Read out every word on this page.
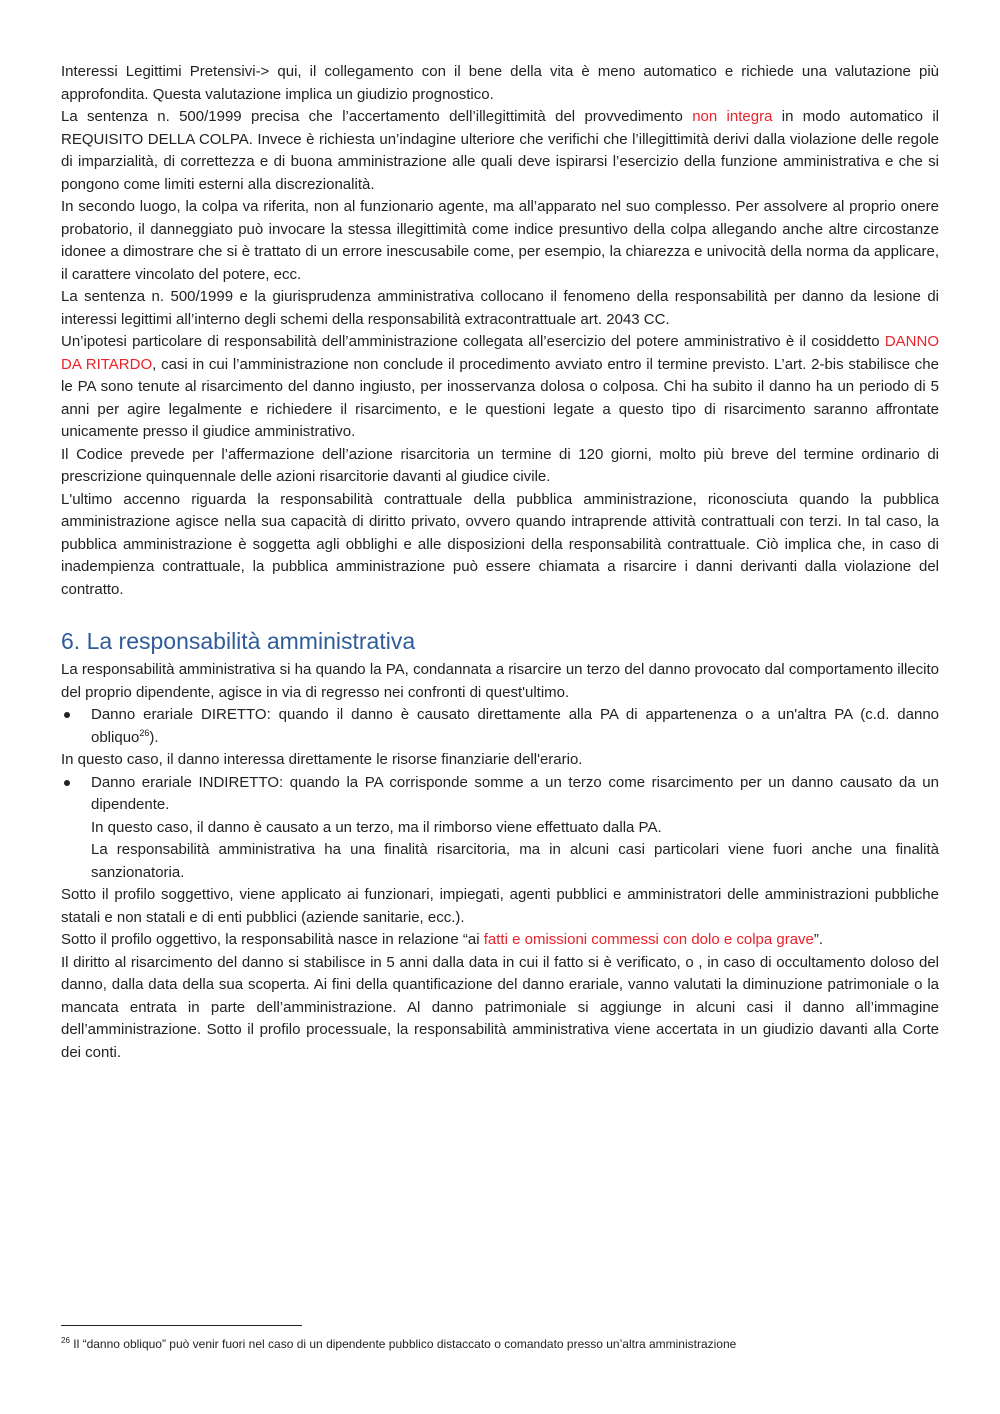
Interessi Legittimi Pretensivi-> qui, il collegamento con il bene della vita è meno automatico e richiede una valutazione più approfondita. Questa valutazione implica un giudizio prognostico.

La sentenza n. 500/1999 precisa che l’accertamento dell’illegittimità del provvedimento non integra in modo automatico il REQUISITO DELLA COLPA. Invece è richiesta un’indagine ulteriore che verifichi che l’illegittimità derivi dalla violazione delle regole di imparzialità, di correttezza e di buona amministrazione alle quali deve ispirarsi l’esercizio della funzione amministrativa e che si pongono come limiti esterni alla discrezionalità.

In secondo luogo, la colpa va riferita, non al funzionario agente, ma all’apparato nel suo complesso. Per assolvere al proprio onere probatorio, il danneggiato può invocare la stessa illegittimità come indice presuntivo della colpa allegando anche altre circostanze idonee a dimostrare che si è trattato di un errore inescusabile come, per esempio, la chiarezza e univocità della norma da applicare, il carattere vincolato del potere, ecc.

La sentenza n. 500/1999 e la giurisprudenza amministrativa collocano il fenomeno della responsabilità per danno da lesione di interessi legittimi all’interno degli schemi della responsabilità extracontrattuale art. 2043 CC.

Un’ipotesi particolare di responsabilità dell’amministrazione collegata all’esercizio del potere amministrativo è il cosiddetto DANNO DA RITARDO, casi in cui l’amministrazione non conclude il procedimento avviato entro il termine previsto. L’art. 2-bis stabilisce che le PA sono tenute al risarcimento del danno ingiusto, per inosservanza dolosa o colposa. Chi ha subito il danno ha un periodo di 5 anni per agire legalmente e richiedere il risarcimento, e le questioni legate a questo tipo di risarcimento saranno affrontate unicamente presso il giudice amministrativo.

Il Codice prevede per l’affermazione dell’azione risarcitoria un termine di 120 giorni, molto più breve del termine ordinario di prescrizione quinquennale delle azioni risarcitorie davanti al giudice civile.

L'ultimo accenno riguarda la responsabilità contrattuale della pubblica amministrazione, riconosciuta quando la pubblica amministrazione agisce nella sua capacità di diritto privato, ovvero quando intraprende attività contrattuali con terzi. In tal caso, la pubblica amministrazione è soggetta agli obblighi e alle disposizioni della responsabilità contrattuale. Ciò implica che, in caso di inadempienza contrattuale, la pubblica amministrazione può essere chiamata a risarcire i danni derivanti dalla violazione del contratto.

6. La responsabilità amministrativa

La responsabilità amministrativa si ha quando la PA, condannata a risarcire un terzo del danno provocato dal comportamento illecito del proprio dipendente, agisce in via di regresso nei confronti di quest'ultimo.

Danno erariale DIRETTO: quando il danno è causato direttamente alla PA di appartenenza o a un'altra PA (c.d. danno obliquo$^{26}$).

In questo caso, il danno interessa direttamente le risorse finanziarie dell'erario.

Danno erariale INDIRETTO: quando la PA corrisponde somme a un terzo come risarcimento per un danno causato da un dipendente.

In questo caso, il danno è causato a un terzo, ma il rimborso viene effettuato dalla PA.

La responsabilità amministrativa ha una finalità risarcitoria, ma in alcuni casi particolari viene fuori anche una finalità sanzionatoria.

Sotto il profilo soggettivo, viene applicato ai funzionari, impiegati, agenti pubblici e amministratori delle amministrazioni pubbliche statali e non statali e di enti pubblici (aziende sanitarie, ecc.).

Sotto il profilo oggettivo, la responsabilità nasce in relazione “ai fatti e omissioni commessi con dolo e colpa grave”.

Il diritto al risarcimento del danno si stabilisce in 5 anni dalla data in cui il fatto si è verificato, o , in caso di occultamento doloso del danno, dalla data della sua scoperta. Ai fini della quantificazione del danno erariale, vanno valutati la diminuzione patrimoniale o la mancata entrata in parte dell’amministrazione. Al danno patrimoniale si aggiunge in alcuni casi il danno all’immagine dell’amministrazione. Sotto il profilo processuale, la responsabilità amministrativa viene accertata in un giudizio davanti alla Corte dei conti.

$^{26}$ Il “danno obliquo” può venir fuori nel caso di un dipendente pubblico distaccato o comandato presso un’altra amministrazione
